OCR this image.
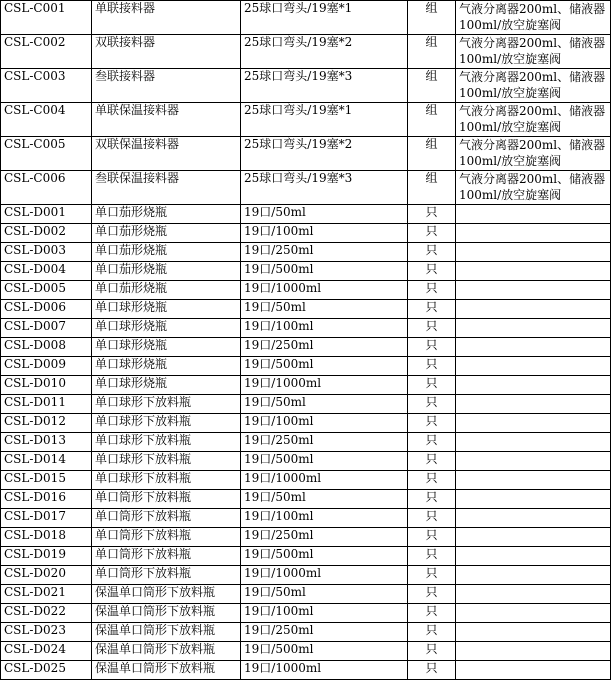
CSL-C001	单联接料器	25球口弯头/19塞*1	组	气液分离器200ml、储液器100ml/放空旋塞阀
CSL-C002	双联接料器	25球口弯头/19塞*2	组	气液分离器200ml、储液器100ml/放空旋塞阀
CSL-C003	叁联接料器	25球口弯头/19塞*3	组	气液分离器200ml、储液器100ml/放空旋塞阀
CSL-C004	单联保温接料器	25球口弯头/19塞*1	组	气液分离器200ml、储液器100ml/放空旋塞阀
CSL-C005	双联保温接料器	25球口弯头/19塞*2	组	气液分离器200ml、储液器100ml/放空旋塞阀
CSL-C006	叁联保温接料器	25球口弯头/19塞*3	组	气液分离器200ml、储液器100ml/放空旋塞阀
CSL-D001	单口茄形烧瓶	19口/50ml	只	
CSL-D002	单口茄形烧瓶	19口/100ml	只	
CSL-D003	单口茄形烧瓶	19口/250ml	只	
CSL-D004	单口茄形烧瓶	19口/500ml	只	
CSL-D005	单口茄形烧瓶	19口/1000ml	只	
CSL-D006	单口球形烧瓶	19口/50ml	只	
CSL-D007	单口球形烧瓶	19口/100ml	只	
CSL-D008	单口球形烧瓶	19口/250ml	只	
CSL-D009	单口球形烧瓶	19口/500ml	只	
CSL-D010	单口球形烧瓶	19口/1000ml	只	
CSL-D011	单口球形下放料瓶	19口/50ml	只	
CSL-D012	单口球形下放料瓶	19口/100ml	只	
CSL-D013	单口球形下放料瓶	19口/250ml	只	
CSL-D014	单口球形下放料瓶	19口/500ml	只	
CSL-D015	单口球形下放料瓶	19口/1000ml	只	
CSL-D016	单口筒形下放料瓶	19口/50ml	只	
CSL-D017	单口筒形下放料瓶	19口/100ml	只	
CSL-D018	单口筒形下放料瓶	19口/250ml	只	
CSL-D019	单口筒形下放料瓶	19口/500ml	只	
CSL-D020	单口筒形下放料瓶	19口/1000ml	只	
CSL-D021	保温单口筒形下放料瓶	19口/50ml	只	
CSL-D022	保温单口筒形下放料瓶	19口/100ml	只	
CSL-D023	保温单口筒形下放料瓶	19口/250ml	只	
CSL-D024	保温单口筒形下放料瓶	19口/500ml	只	
CSL-D025	保温单口筒形下放料瓶	19口/1000ml	只	
